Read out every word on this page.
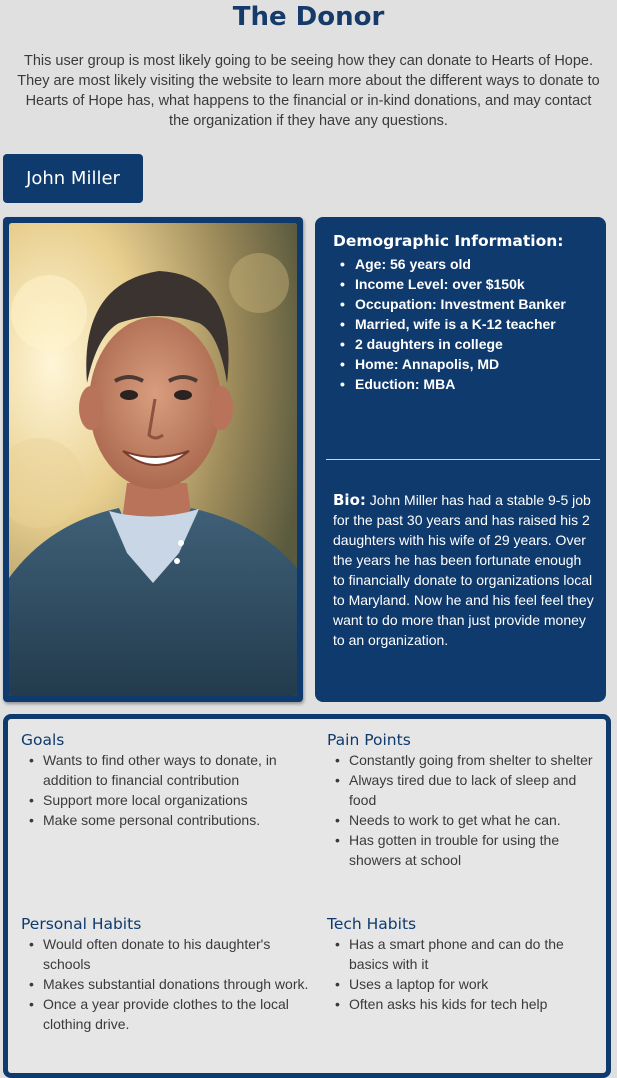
The Donor
This user group is most likely going to be seeing how they can donate to Hearts of Hope. They are most likely visiting the website to learn more about the different ways to donate to Hearts of Hope has, what happens to the financial or in-kind donations, and may contact the organization if they have any questions.
John Miller
Demographic Information:
• Age: 56 years old
• Income Level: over $150k
• Occupation: Investment Banker
• Married, wife is a K-12 teacher
• 2 daughters in college
• Home: Annapolis, MD
• Eduction: MBA
Bio: John Miller has had a stable 9-5 job for the past 30 years and has raised his 2 daughters with his wife of 29 years. Over the years he has been fortunate enough to financially donate to organizations local to Maryland. Now he and his feel feel they want to do more than just provide money to an organization.
Goals
• Wants to find other ways to donate, in addition to financial contribution
• Support more local organizations
• Make some personal contributions.
Pain Points
• Constantly going from shelter to shelter
• Always tired due to lack of sleep and food
• Needs to work to get what he can.
• Has gotten in trouble for using the showers at school
Personal Habits
• Would often donate to his daughter's schools
• Makes substantial donations through work.
• Once a year provide clothes to the local clothing drive.
Tech Habits
• Has a smart phone and can do the basics with it
• Uses a laptop for work
• Often asks his kids for tech help
